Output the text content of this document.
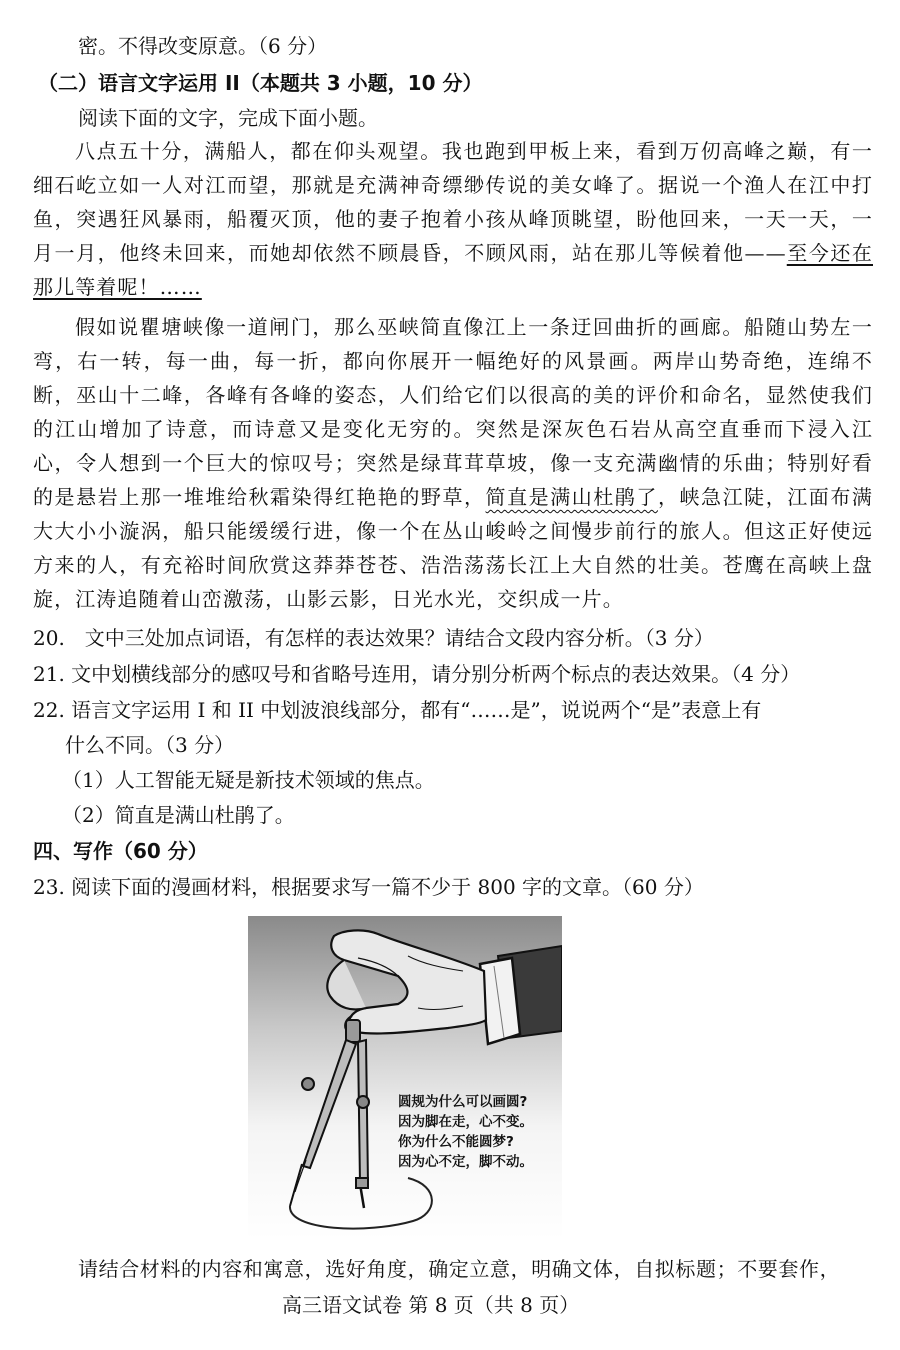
密。不得改变原意。（6 分）
（二）语言文字运用 II（本题共 3 小题，10 分）
阅读下面的文字，完成下面小题。
八点五十分，满船人，都在仰头观望。我也跑到甲板上来，看到万仞高峰之巅，有一细石屹立如一人对江而望，那就是充满神奇缥缈传说的美女峰了。据说一个渔人在江中打鱼，突遇狂风暴雨，船覆灭顶，他的妻子抱着小孩从峰顶眺望，盼他回来，一天一天，一月一月，他终未回来，而她却依然不顾晨昏，不顾风雨，站在那儿等候着他——至今还在那儿等着呢！……
假如说瞿塘峡像一道闸门，那么巫峡简直像江上一条迂回曲折的画廊。船随山势左一弯，右一转，每一曲，每一折，都向你展开一幅绝好的风景画。两岸山势奇绝，连绵不断，巫山十二峰，各峰有各峰的姿态，人们给它们以很高的美的评价和命名，显然使我们的江山增加了诗意，而诗意又是变化无穷的。突然是深灰色石岩从高空直垂而下浸入江心，令人想到一个巨大的惊叹号；突然是绿茸茸草坡，像一支充满幽情的乐曲；特别好看的是悬岩上那一堆堆给秋霜染得红艳艳的野草，简直是满山杜鹃了，峡急江陡，江面布满大大小小漩涡，船只能缓缓行进，像一个在丛山峻岭之间慢步前行的旅人。但这正好使远方来的人，有充裕时间欣赏这莽莽苍苍、浩浩荡荡长江上大自然的壮美。苍鹰在高峡上盘旋，江涛追随着山峦激荡，山影云影，日光水光，交织成一片。
20.　文中三处加点词语，有怎样的表达效果？请结合文段内容分析。（3 分）
21. 文中划横线部分的感叹号和省略号连用，请分别分析两个标点的表达效果。（4 分）
22. 语言文字运用 I 和 II 中划波浪线部分，都有“……是”，说说两个“是”表意上有
什么不同。（3 分）
（1）人工智能无疑是新技术领域的焦点。
（2）简直是满山杜鹃了。
四、写作（60 分）
23. 阅读下面的漫画材料，根据要求写一篇不少于 800 字的文章。（60 分）
圆规为什么可以画圆?
因为脚在走，心不变。
你为什么不能圆梦?
因为心不定，脚不动。
请结合材料的内容和寓意，选好角度，确定立意，明确文体，自拟标题；不要套作，
高三语文试卷 第 8 页（共 8 页）
